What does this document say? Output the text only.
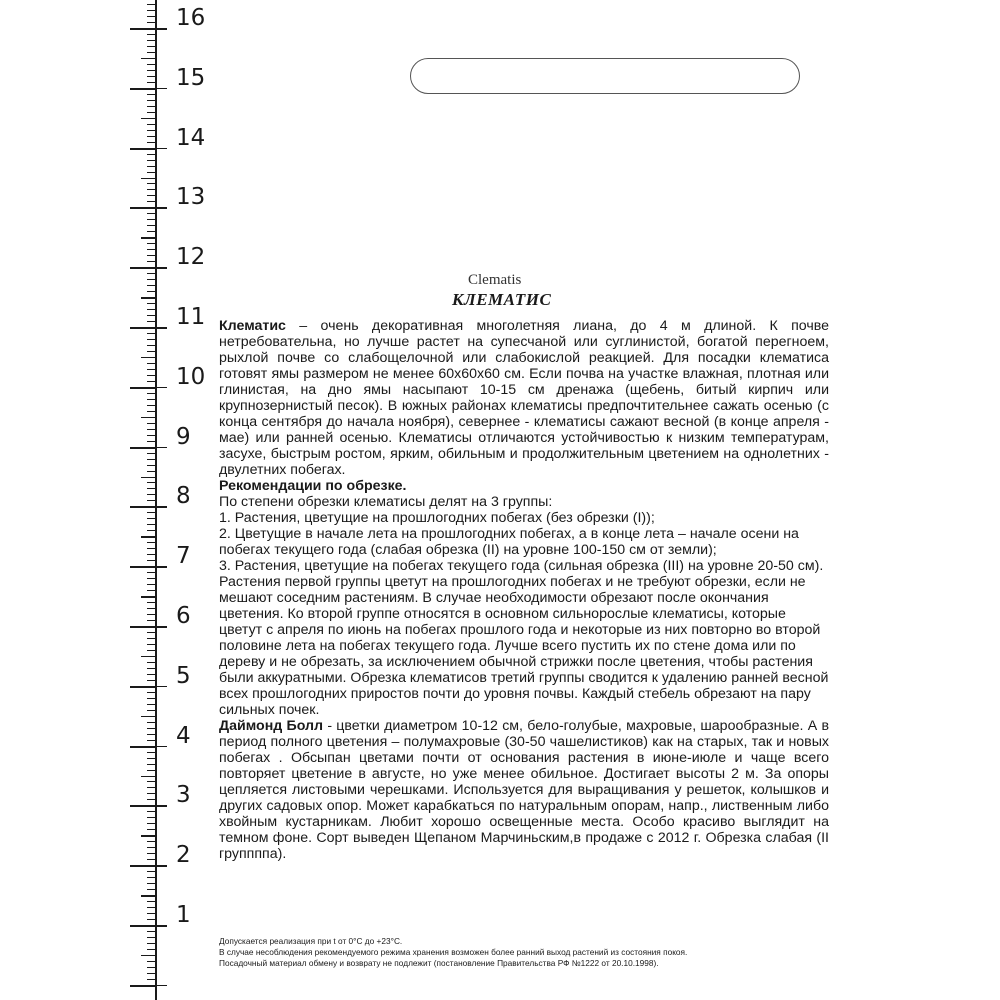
16
15
14
13
12
11
10
9
8
7
6
5
4
3
2
1
Clematis
КЛЕМАТИС

Клематис – очень декоративная многолетняя лиана, до 4 м длиной. К почве нетребовательна, но лучше растет на супесчаной или суглинистой, богатой перегноем, рыхлой почве со слабощелочной или слабокислой реакцией. Для посадки клематиса готовят ямы размером не менее 60х60х60 см. Если почва на участке влажная, плотная или глинистая, на дно ямы насыпают 10-15 см дренажа (щебень, битый кирпич или крупнозернистый песок). В южных районах клематисы предпочтительнее сажать осенью (с конца сентября до начала ноября), севернее - клематисы сажают весной (в конце апреля - мае) или ранней осенью. Клематисы отличаются устойчивостью к низким температурам, засухе, быстрым ростом, ярким, обильным и продолжительным цветением на однолетних - двулетних побегах.

Рекомендации по обрезке.

По степени обрезки клематисы делят на 3 группы:

1. Растения, цветущие на прошлогодних побегах (без обрезки (I));

2. Цветущие в начале лета на прошлогодних побегах, а в конце лета – начале осени на побегах текущего года (слабая обрезка (II) на уровне 100-150 см от земли);

3. Растения, цветущие на побегах текущего года (сильная обрезка (III) на уровне 20-50 см).

Растения первой группы цветут на прошлогодних побегах и не требуют обрезки, если не мешают соседним растениям. В случае необходимости обрезают после окончания цветения. Ко второй группе относятся в основном сильнорослые клематисы, которые цветут с апреля по июнь на побегах прошлого года и некоторые из них повторно во второй половине лета на побегах текущего года. Лучше всего пустить их по стене дома или по дереву и не обрезать, за исключением обычной стрижки после цветения, чтобы растения были аккуратными. Обрезка клематисов третий группы сводится к удалению ранней весной всех прошлогодних приростов почти до уровня почвы. Каждый стебель обрезают на пару сильных почек.

Даймонд Болл - цветки диаметром 10-12 см, бело-голубые, махровые, шарообразные. А в период полного цветения – полумахровые (30-50 чашелистиков) как на старых, так и новых побегах . Обсыпан цветами почти от основания растения в июне-июле и чаще всего повторяет цветение в августе, но уже менее обильное. Достигает высоты 2 м. За опоры цепляется листовыми черешками. Используется для выращивания у решеток, колышков и других садовых опор. Может карабкаться по натуральным опорам, напр., лиственным либо хвойным кустарникам. Любит хорошо освещенные места. Особо красиво выглядит на темном фоне. Сорт выведен Щепаном Марчиньским,в продаже с 2012 г. Обрезка слабая (II группппа).

Допускается реализация при t от 0°С до +23°С.

В случае несоблюдения рекомендуемого режима хранения возможен более ранний выход растений из состояния покоя.

Посадочный материал обмену и возврату не подлежит (постановление Правительства РФ №1222 от 20.10.1998).
